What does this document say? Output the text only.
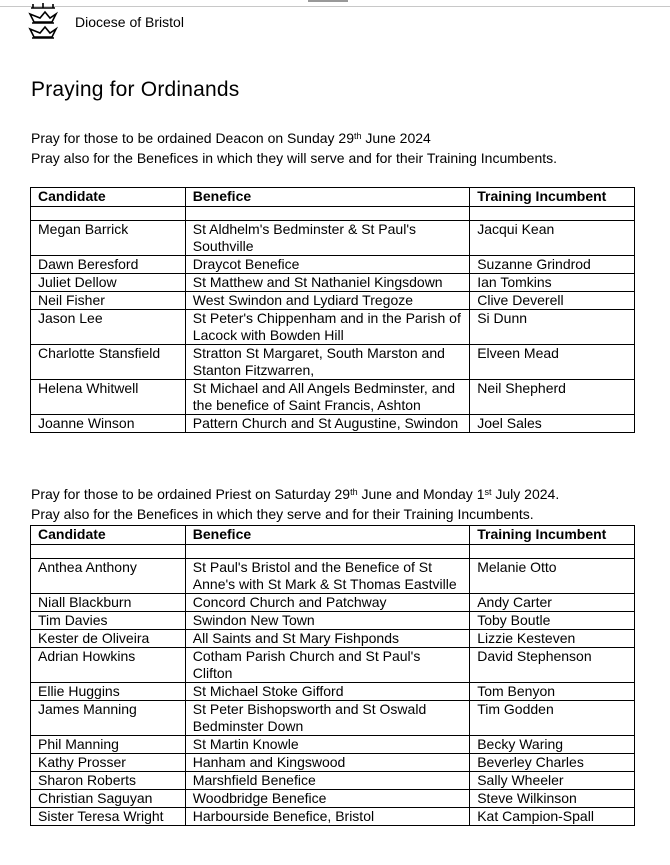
Diocese of Bristol
Praying for Ordinands
Pray for those to be ordained Deacon on Sunday 29th June 2024
Pray also for the Benefices in which they will serve and for their Training Incumbents.
Candidate	Benefice	Training Incumbent

Megan Barrick	St Aldhelm's Bedminster & St Paul's Southville	Jacqui Kean
Dawn Beresford	Draycot Benefice	Suzanne Grindrod
Juliet Dellow	St Matthew and St Nathaniel Kingsdown	Ian Tomkins
Neil Fisher	West Swindon and Lydiard Tregoze	Clive Deverell
Jason Lee	St Peter's Chippenham and in the Parish of Lacock with Bowden Hill	Si Dunn
Charlotte Stansfield	Stratton St Margaret, South Marston and Stanton Fitzwarren,	Elveen Mead
Helena Whitwell	St Michael and All Angels Bedminster, and the benefice of Saint Francis, Ashton	Neil Shepherd
Joanne Winson	Pattern Church and St Augustine, Swindon	Joel Sales
Pray for those to be ordained Priest on Saturday 29th June and Monday 1st July 2024.
Pray also for the Benefices in which they serve and for their Training Incumbents.
Candidate	Benefice	Training Incumbent

Anthea Anthony	St Paul's Bristol and the Benefice of St Anne's with St Mark & St Thomas Eastville	Melanie Otto
Niall Blackburn	Concord Church and Patchway	Andy Carter
Tim Davies	Swindon New Town	Toby Boutle
Kester de Oliveira	All Saints and St Mary Fishponds	Lizzie Kesteven
Adrian Howkins	Cotham Parish Church and St Paul's Clifton	David Stephenson
Ellie Huggins	St Michael Stoke Gifford	Tom Benyon
James Manning	St Peter Bishopsworth and St Oswald Bedminster Down	Tim Godden
Phil Manning	St Martin Knowle	Becky Waring
Kathy Prosser	Hanham and Kingswood	Beverley Charles
Sharon Roberts	Marshfield Benefice	Sally Wheeler
Christian Saguyan	Woodbridge Benefice	Steve Wilkinson
Sister Teresa Wright	Harbourside Benefice, Bristol	Kat Campion-Spall
